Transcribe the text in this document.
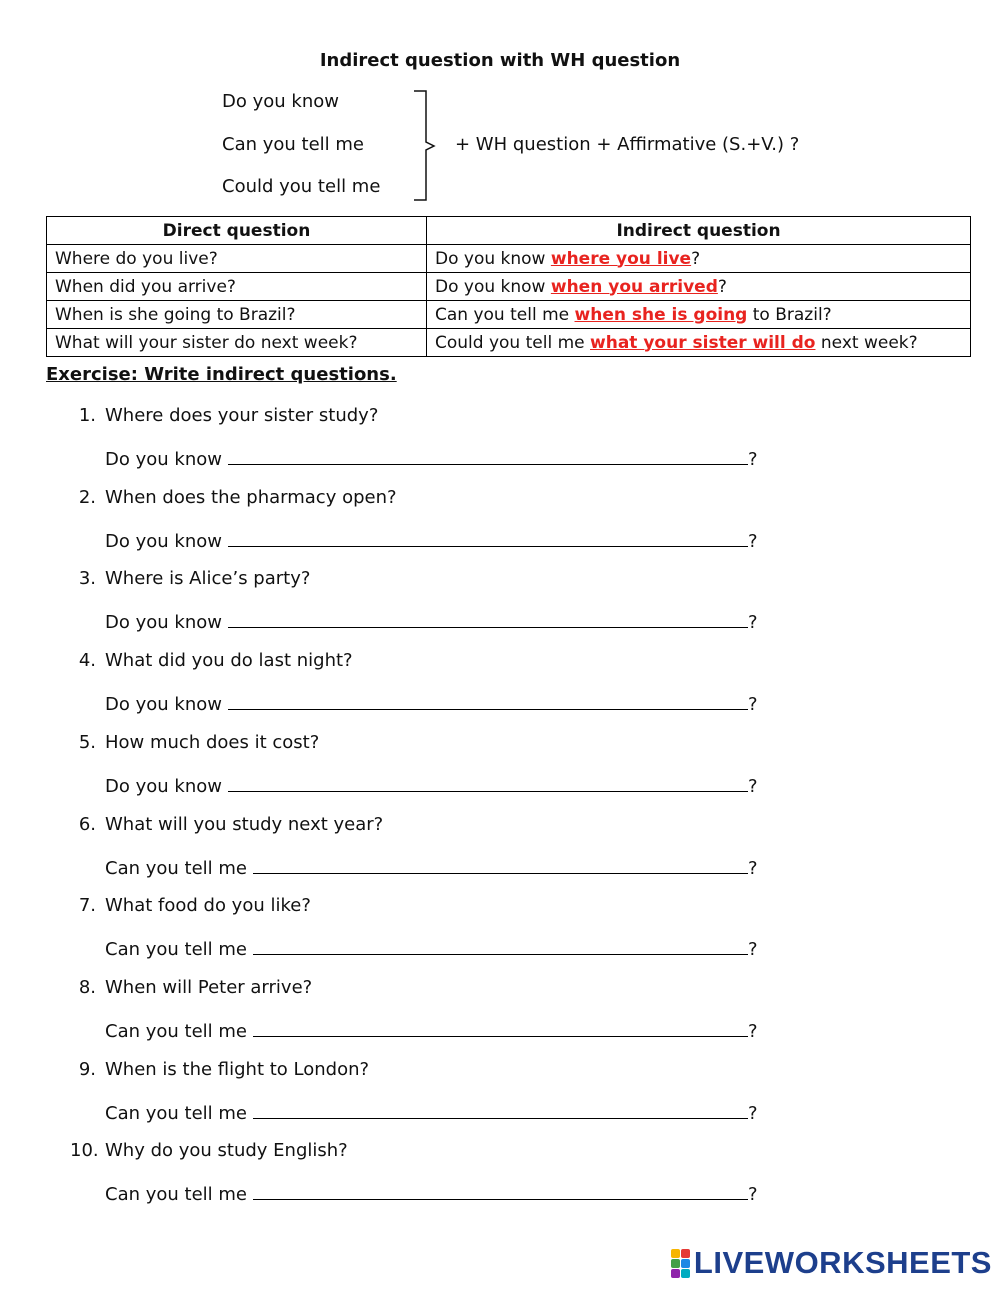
Indirect question with WH question
Do you know
Can you tell me
Could you tell me
+ WH question + Affirmative (S.+V.) ?
Direct question	Indirect question
Where do you live?	Do you know where you live?
When did you arrive?	Do you know when you arrived?
When is she going to Brazil?	Can you tell me when she is going to Brazil?
What will your sister do next week?	Could you tell me what your sister will do next week?
Exercise: Write indirect questions.
1. Where does your sister study?
Do you know	?
2. When does the pharmacy open?
Do you know	?
3. Where is Alice’s party?
Do you know	?
4. What did you do last night?
Do you know	?
5. How much does it cost?
Do you know	?
6. What will you study next year?
Can you tell me	?
7. What food do you like?
Can you tell me	?
8. When will Peter arrive?
Can you tell me	?
9. When is the flight to London?
Can you tell me	?
10. Why do you study English?
Can you tell me	?
LIVEWORKSHEETS
